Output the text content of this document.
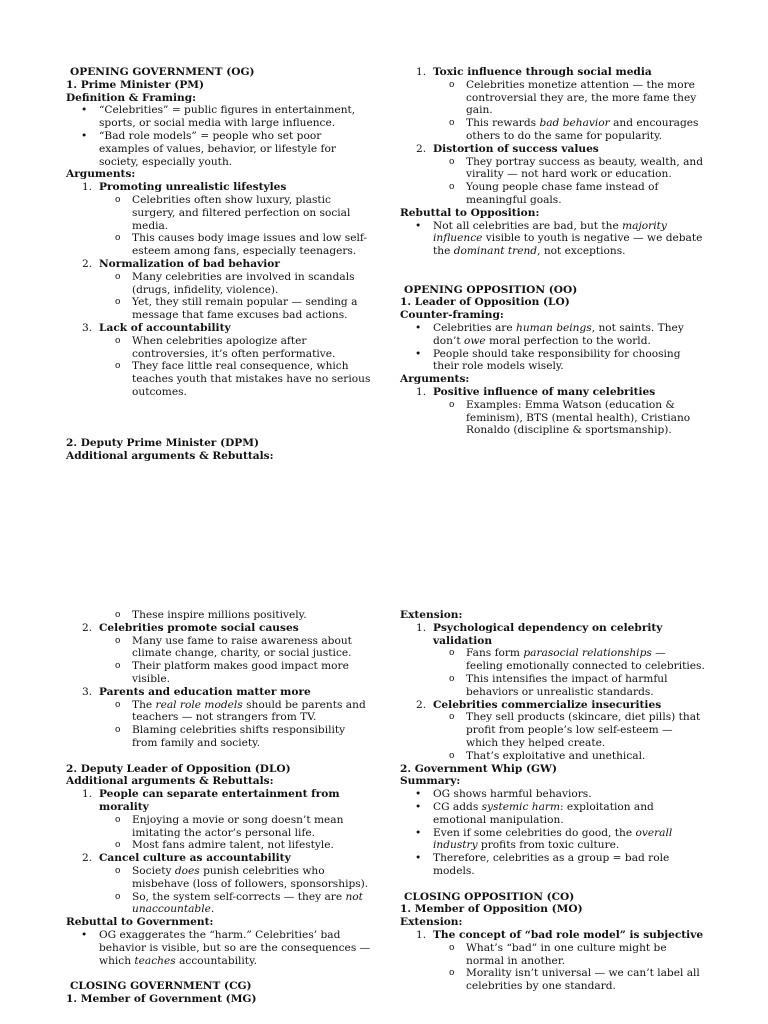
OPENING GOVERNMENT (OG)
1. Prime Minister (PM)
Definition & Framing:
• “Celebrities” = public figures in entertainment, sports, or social media with large influence.
• “Bad role models” = people who set poor examples of values, behavior, or lifestyle for society, especially youth.
Arguments:
1. Promoting unrealistic lifestyles
o Celebrities often show luxury, plastic surgery, and filtered perfection on social media.
o This causes body image issues and low self-esteem among fans, especially teenagers.
2. Normalization of bad behavior
o Many celebrities are involved in scandals (drugs, infidelity, violence).
o Yet, they still remain popular — sending a message that fame excuses bad actions.
3. Lack of accountability
o When celebrities apologize after controversies, it’s often performative.
o They face little real consequence, which teaches youth that mistakes have no serious outcomes.
2. Deputy Prime Minister (DPM)
Additional arguments & Rebuttals:
1. Toxic influence through social media
o Celebrities monetize attention — the more controversial they are, the more fame they gain.
o This rewards bad behavior and encourages others to do the same for popularity.
2. Distortion of success values
o They portray success as beauty, wealth, and virality — not hard work or education.
o Young people chase fame instead of meaningful goals.
Rebuttal to Opposition:
• Not all celebrities are bad, but the majority influence visible to youth is negative — we debate the dominant trend, not exceptions.
OPENING OPPOSITION (OO)
1. Leader of Opposition (LO)
Counter-framing:
• Celebrities are human beings, not saints. They don’t owe moral perfection to the world.
• People should take responsibility for choosing their role models wisely.
Arguments:
1. Positive influence of many celebrities
o Examples: Emma Watson (education & feminism), BTS (mental health), Cristiano Ronaldo (discipline & sportsmanship).
o These inspire millions positively.
2. Celebrities promote social causes
o Many use fame to raise awareness about climate change, charity, or social justice.
o Their platform makes good impact more visible.
3. Parents and education matter more
o The real role models should be parents and teachers — not strangers from TV.
o Blaming celebrities shifts responsibility from family and society.
2. Deputy Leader of Opposition (DLO)
Additional arguments & Rebuttals:
1. People can separate entertainment from morality
o Enjoying a movie or song doesn’t mean imitating the actor’s personal life.
o Most fans admire talent, not lifestyle.
2. Cancel culture as accountability
o Society does punish celebrities who misbehave (loss of followers, sponsorships).
o So, the system self-corrects — they are not unaccountable.
Rebuttal to Government:
• OG exaggerates the “harm.” Celebrities’ bad behavior is visible, but so are the consequences — which teaches accountability.
CLOSING GOVERNMENT (CG)
1. Member of Government (MG)
Extension:
1. Psychological dependency on celebrity validation
o Fans form parasocial relationships — feeling emotionally connected to celebrities.
o This intensifies the impact of harmful behaviors or unrealistic standards.
2. Celebrities commercialize insecurities
o They sell products (skincare, diet pills) that profit from people’s low self-esteem — which they helped create.
o That’s exploitative and unethical.
2. Government Whip (GW)
Summary:
• OG shows harmful behaviors.
• CG adds systemic harm: exploitation and emotional manipulation.
• Even if some celebrities do good, the overall industry profits from toxic culture.
• Therefore, celebrities as a group = bad role models.
CLOSING OPPOSITION (CO)
1. Member of Opposition (MO)
Extension:
1. The concept of “bad role model” is subjective
o What’s “bad” in one culture might be normal in another.
o Morality isn’t universal — we can’t label all celebrities by one standard.
